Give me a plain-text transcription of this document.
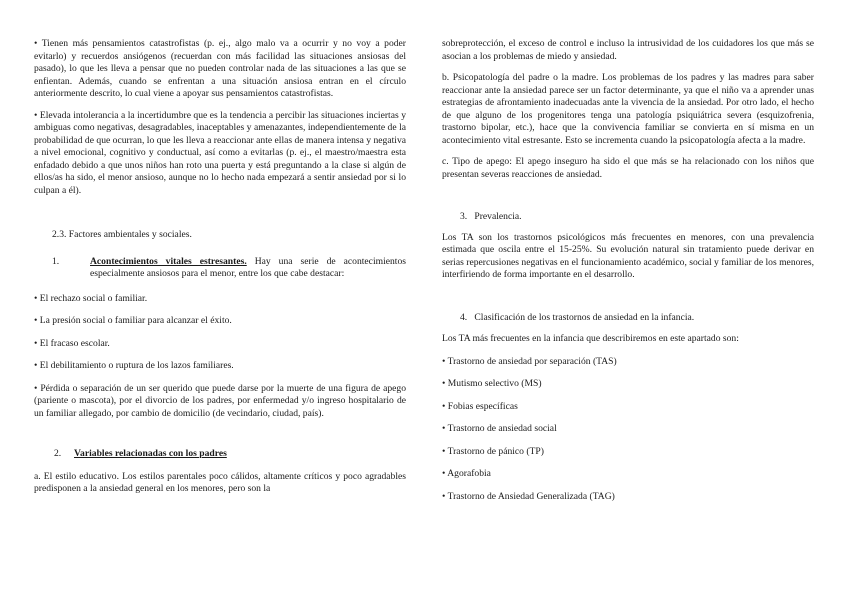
• Tienen más pensamientos catastrofistas (p. ej., algo malo va a ocurrir y no voy a poder evitarlo) y recuerdos ansiógenos (recuerdan con más facilidad las situaciones ansiosas del pasado), lo que les lleva a pensar que no pueden controlar nada de las situaciones a las que se enfientan. Además, cuando se enfrentan a una situación ansiosa entran en el círculo anteriormente descrito, lo cual viene a apoyar sus pensamientos catastrofistas.

• Elevada intolerancia a la incertidumbre que es la tendencia a percibir las situaciones inciertas y ambiguas como negativas, desagradables, inaceptables y amenazantes, independientemente de la probabilidad de que ocurran, lo que les lleva a reaccionar ante ellas de manera intensa y negativa a nivel emocional, cognitivo y conductual, así como a evitarlas (p. ej., el maestro/maestra esta enfadado debido a que unos niños han roto una puerta y está preguntando a la clase si algún de ellos/as ha sido, el menor ansioso, aunque no lo hecho nada empezará a sentir ansiedad por si lo culpan a él).

2.3. Factores ambientales y sociales.
1.	Acontecimientos vitales estresantes. Hay una serie de acontecimientos especialmente ansiosos para el menor, entre los que cabe destacar:

• El rechazo social o familiar.

• La presión social o familiar para alcanzar el éxito.

• El fracaso escolar.

• El debilitamiento o ruptura de los lazos familiares.

• Pérdida o separación de un ser querido que puede darse por la muerte de una figura de apego (pariente o mascota), por el divorcio de los padres, por enfermedad y/o ingreso hospitalario de un familiar allegado, por cambio de domicilio (de vecindario, ciudad, país).

2.	Variables relacionadas con los padres

a. El estilo educativo. Los estilos parentales poco cálidos, altamente críticos y poco agradables predisponen a la ansiedad general en los menores, pero son la

sobreprotección, el exceso de control e incluso la intrusividad de los cuidadores los que más se asocian a los problemas de miedo y ansiedad.

b. Psicopatología del padre o la madre. Los problemas de los padres y las madres para saber reaccionar ante la ansiedad parece ser un factor determinante, ya que el niño va a aprender unas estrategias de afrontamiento inadecuadas ante la vivencia de la ansiedad. Por otro lado, el hecho de que alguno de los progenitores tenga una patología psiquiátrica severa (esquizofrenia, trastorno bipolar, etc.), hace que la convivencia familiar se convierta en sí misma en un acontecimiento vital estresante. Esto se incrementa cuando la psicopatología afecta a la madre.

c. Tipo de apego: El apego inseguro ha sido el que más se ha relacionado con los niños que presentan severas reacciones de ansiedad.

3.   Prevalencia.

Los TA son los trastornos psicológicos más frecuentes en menores, con una prevalencia estimada que oscila entre el 15-25%. Su evolución natural sin tratamiento puede derivar en serias repercusiones negativas en el funcionamiento académico, social y familiar de los menores, interfiriendo de forma importante en el desarrollo.

4.   Clasificación de los trastornos de ansiedad en la infancia.

Los TA más frecuentes en la infancia que describiremos en este apartado son:

• Trastorno de ansiedad por separación (TAS)
• Mutismo selectivo (MS)
• Fobias específicas
• Trastorno de ansiedad social
• Trastorno de pánico (TP)
• Agorafobia
• Trastorno de Ansiedad Generalizada (TAG)
